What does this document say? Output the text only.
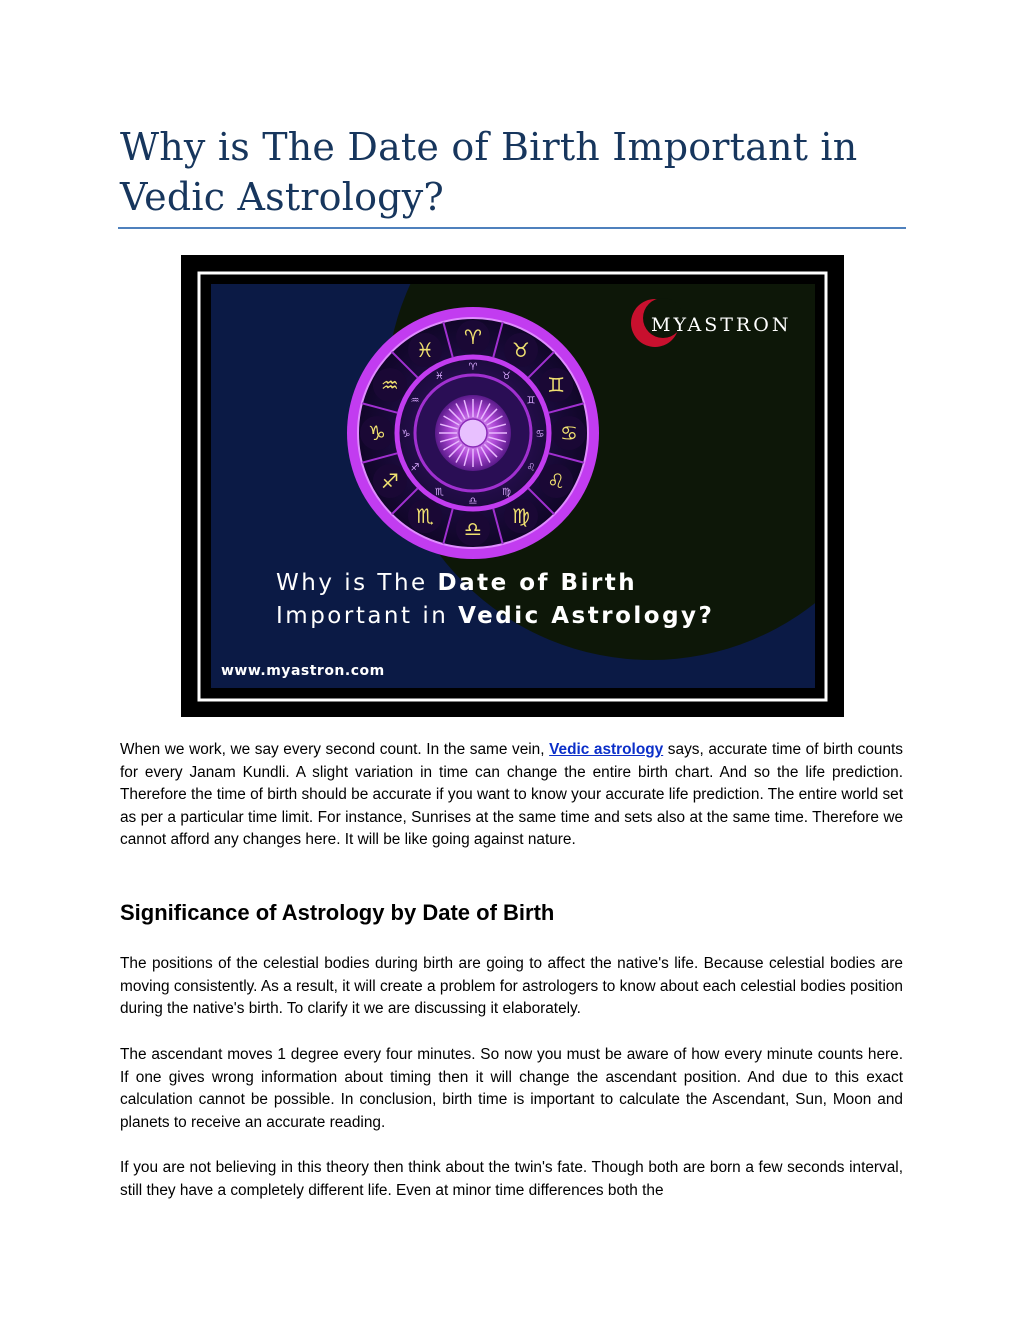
Why is The Date of Birth Important in Vedic Astrology?
♈
♉
♊
♋
♌
♍
♎
♏
♐
♑
♒
♓
♈
♉
♊
♋
♌
♍
♎
♏
♐
♑
♒
♓
MYASTRON
Why is The Date of Birth
Important in Vedic Astrology?
www.myastron.com

When we work, we say every second count. In the same vein, Vedic astrology says, accurate time of birth counts for every Janam Kundli. A slight variation in time can change the entire birth chart. And so the life prediction. Therefore the time of birth should be accurate if you want to know your accurate life prediction. The entire world set as per a particular time limit. For instance, Sunrises at the same time and sets also at the same time. Therefore we cannot afford any changes here. It will be like going against nature.

Significance of Astrology by Date of Birth

The positions of the celestial bodies during birth are going to affect the native's life. Because celestial bodies are moving consistently. As a result, it will create a problem for astrologers to know about each celestial bodies position during the native's birth. To clarify it we are discussing it elaborately.

The ascendant moves 1 degree every four minutes. So now you must be aware of how every minute counts here. If one gives wrong information about timing then it will change the ascendant position. And due to this exact calculation cannot be possible. In conclusion, birth time is important to calculate the Ascendant, Sun, Moon and planets to receive an accurate reading.

If you are not believing in this theory then think about the twin's fate. Though both are born a few seconds interval, still they have a completely different life. Even at minor time differences both the
